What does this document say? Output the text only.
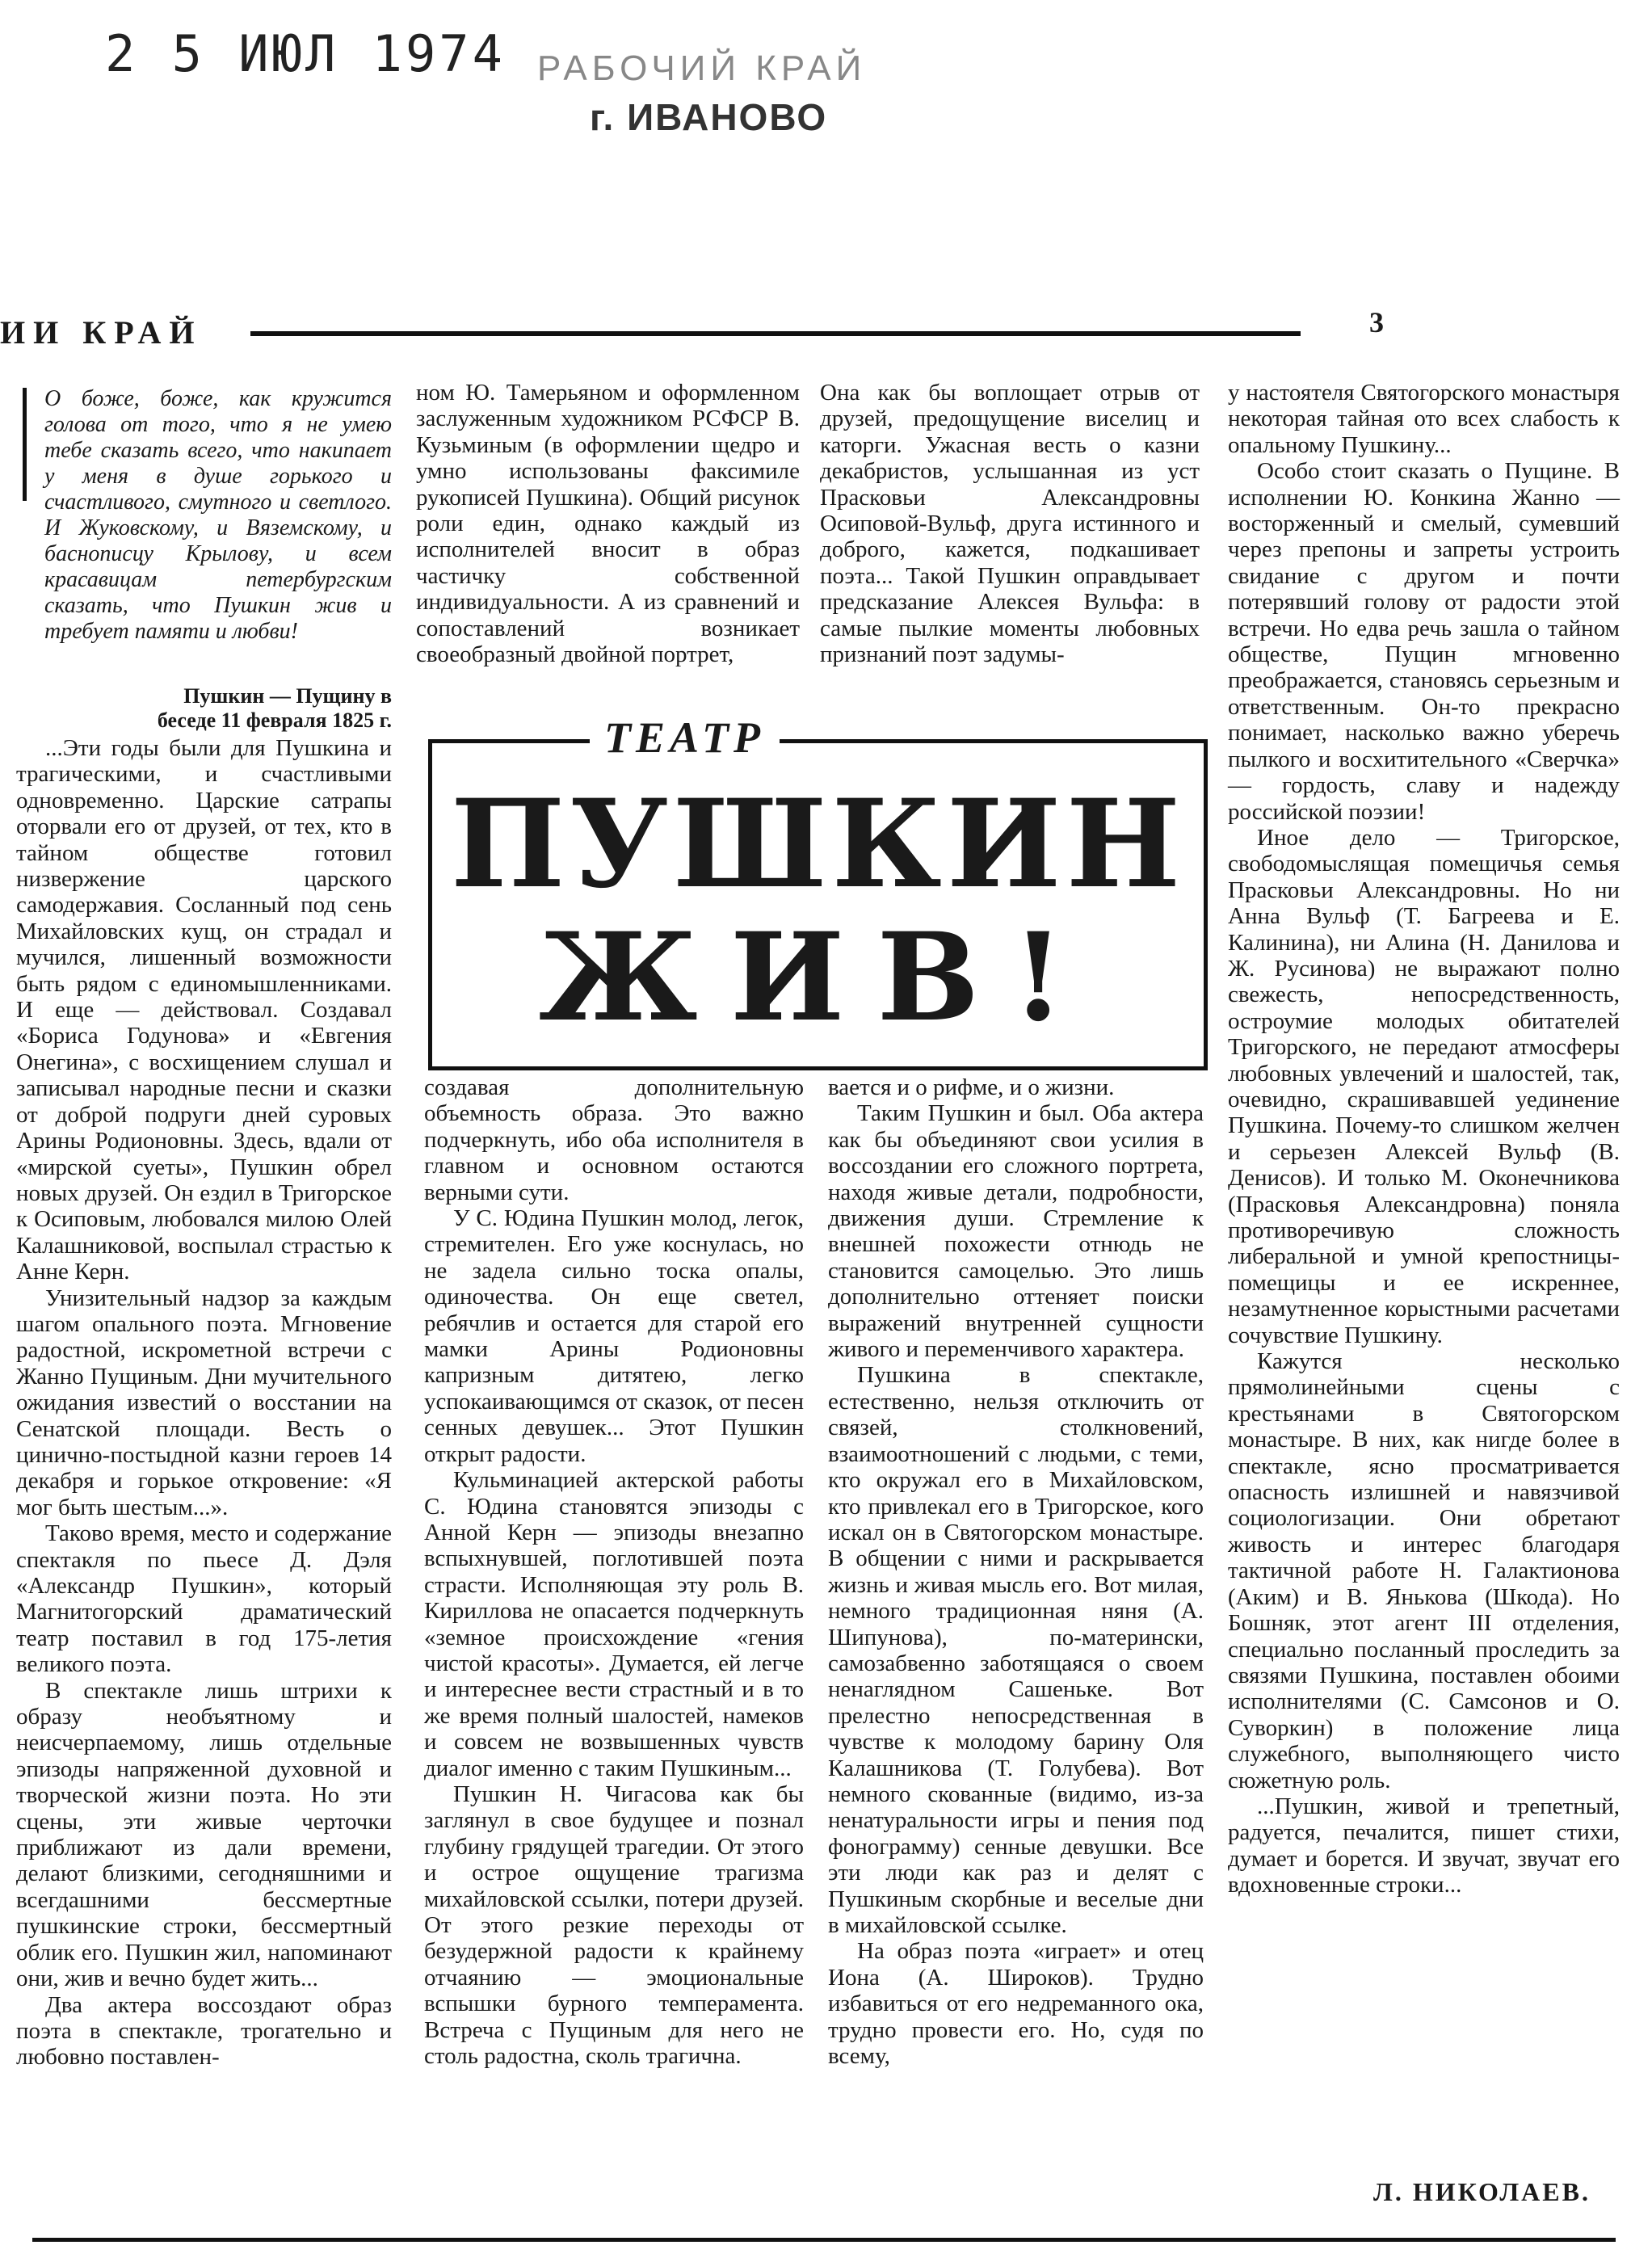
2 5 ИЮЛ 1974 РАБОЧИЙ КРАЙ
г. ИВАНОВО
ИИ КРАЙ	3
О боже, боже, как кружится голова от того, что я не умею тебе сказать всего, что накипает у меня в душе горького и счастливого, смутного и светлого. И Жуковскому, и Вяземскому, и баснописцу Крылову, и всем красавицам петербургским сказать, что Пушкин жив и требует памяти и любви!
Пушкин — Пущину в беседе 11 февраля 1825 г.

...Эти годы были для Пушкина и трагическими, и счастливыми одновременно. Царские сатрапы оторвали его от друзей, от тех, кто в тайном обществе готовил низвержение царского самодержавия. Сосланный под сень Михайловских кущ, он страдал и мучился, лишенный возможности быть рядом с единомышленниками. И еще — действовал. Создавал «Бориса Годунова» и «Евгения Онегина», с восхищением слушал и записывал народные песни и сказки от доброй подруги дней суровых Арины Родионовны. Здесь, вдали от «мирской суеты», Пушкин обрел новых друзей. Он ездил в Тригорское к Осиповым, любовался милою Олей Калашниковой, воспылал страстью к Анне Керн.

Унизительный надзор за каждым шагом опального поэта. Мгновение радостной, искрометной встречи с Жанно Пущиным. Дни мучительного ожидания известий о восстании на Сенатской площади. Весть о цинично-постыдной казни героев 14 декабря и горькое откровение: «Я мог быть шестым...».

Таково время, место и содержание спектакля по пьесе Д. Дэля «Александр Пушкин», который Магнитогорский драматический театр поставил в год 175-летия великого поэта.

В спектакле лишь штрихи к образу необъятному и неисчерпаемому, лишь отдельные эпизоды напряженной духовной и творческой жизни поэта. Но эти сцены, эти живые черточки приближают из дали времени, делают близкими, сегодняшними и всегдашними бессмертные пушкинские строки, бессмертный облик его. Пушкин жил, напоминают они, жив и вечно будет жить...

Два актера воссоздают образ поэта в спектакле, трогательно и любовно поставлен-

ном Ю. Тамерьяном и оформленном заслуженным художником РСФСР В. Кузьминым (в оформлении щедро и умно использованы факсимиле рукописей Пушкина). Общий рисунок роли един, однако каждый из исполнителей вносит в образ частичку собственной индивидуальности. А из сравнений и сопоставлений возникает своеобразный двойной портрет,

Она как бы воплощает отрыв от друзей, предощущение виселиц и каторги. Ужасная весть о казни декабристов, услышанная из уст Прасковьи Александровны Осиповой-Вульф, друга истинного и доброго, кажется, подкашивает поэта... Такой Пушкин оправдывает предсказание Алексея Вульфа: в самые пылкие моменты любовных признаний поэт задумы-

ТЕАТР
ПУШКИН
ЖИВ!

создавая дополнительную объемность образа. Это важно подчеркнуть, ибо оба исполнителя в главном и основном остаются верными сути.

У С. Юдина Пушкин молод, легок, стремителен. Его уже коснулась, но не задела сильно тоска опалы, одиночества. Он еще светел, ребячлив и остается для старой его мамки Арины Родионовны капризным дитятею, легко успокаивающимся от сказок, от песен сенных девушек... Этот Пушкин открыт радости.

Кульминацией актерской работы С. Юдина становятся эпизоды с Анной Керн — эпизоды внезапно вспыхнувшей, поглотившей поэта страсти. Исполняющая эту роль В. Кириллова не опасается подчеркнуть «земное происхождение «гения чистой красоты». Думается, ей легче и интереснее вести страстный и в то же время полный шалостей, намеков и совсем не возвышенных чувств диалог именно с таким Пушкиным...

Пушкин Н. Чигасова как бы заглянул в свое будущее и познал глубину грядущей трагедии. От этого и острое ощущение трагизма михайловской ссылки, потери друзей. От этого резкие переходы от безудержной радости к крайнему отчаянию — эмоциональные вспышки бурного темперамента. Встреча с Пущиным для него не столь радостна, сколь трагична.

вается и о рифме, и о жизни.

Таким Пушкин и был. Оба актера как бы объединяют свои усилия в воссоздании его сложного портрета, находя живые детали, подробности, движения души. Стремление к внешней похожести отнюдь не становится самоцелью. Это лишь дополнительно оттеняет поиски выражений внутренней сущности живого и переменчивого характера.

Пушкина в спектакле, естественно, нельзя отключить от связей, столкновений, взаимоотношений с людьми, с теми, кто окружал его в Михайловском, кто привлекал его в Тригорское, кого искал он в Святогорском монастыре. В общении с ними и раскрывается жизнь и живая мысль его. Вот милая, немного традиционная няня (А. Шипунова), по-матерински, самозабвенно заботящаяся о своем ненаглядном Сашеньке. Вот прелестно непосредственная в чувстве к молодому барину Оля Калашникова (Т. Голубева). Вот немного скованные (видимо, из-за ненатуральности игры и пения под фонограмму) сенные девушки. Все эти люди как раз и делят с Пушкиным скорбные и веселые дни в михайловской ссылке.

На образ поэта «играет» и отец Иона (А. Широков). Трудно избавиться от его недреманного ока, трудно провести его. Но, судя по всему,

у настоятеля Святогорского монастыря некоторая тайная ото всех слабость к опальному Пушкину...

Особо стоит сказать о Пущине. В исполнении Ю. Конкина Жанно — восторженный и смелый, сумевший через препоны и запреты устроить свидание с другом и почти потерявший голову от радости этой встречи. Но едва речь зашла о тайном обществе, Пущин мгновенно преображается, становясь серьезным и ответственным. Он-то прекрасно понимает, насколько важно уберечь пылкого и восхитительного «Сверчка» — гордость, славу и надежду российской поэзии!

Иное дело — Тригорское, свободомыслящая помещичья семья Прасковьи Александровны. Но ни Анна Вульф (Т. Багреева и Е. Калинина), ни Алина (Н. Данилова и Ж. Русинова) не выражают полно свежесть, непосредственность, остроумие молодых обитателей Тригорского, не передают атмосферы любовных увлечений и шалостей, так, очевидно, скрашивавшей уединение Пушкина. Почему-то слишком желчен и серьезен Алексей Вульф (В. Денисов). И только М. Оконечникова (Прасковья Александровна) поняла противоречивую сложность либеральной и умной крепостницы-помещицы и ее искреннее, незамутненное корыстными расчетами сочувствие Пушкину.

Кажутся несколько прямолинейными сцены с крестьянами в Святогорском монастыре. В них, как нигде более в спектакле, ясно просматривается опасность излишней и навязчивой социологизации. Они обретают живость и интерес благодаря тактичной работе Н. Галактионова (Аким) и В. Янькова (Шкода). Но Бошняк, этот агент III отделения, специально посланный проследить за связями Пушкина, поставлен обоими исполнителями (С. Самсонов и О. Суворкин) в положение лица служебного, выполняющего чисто сюжетную роль.

...Пушкин, живой и трепетный, радуется, печалится, пишет стихи, думает и борется. И звучат, звучат его вдохновенные строки...

Л. НИКОЛАЕВ.
